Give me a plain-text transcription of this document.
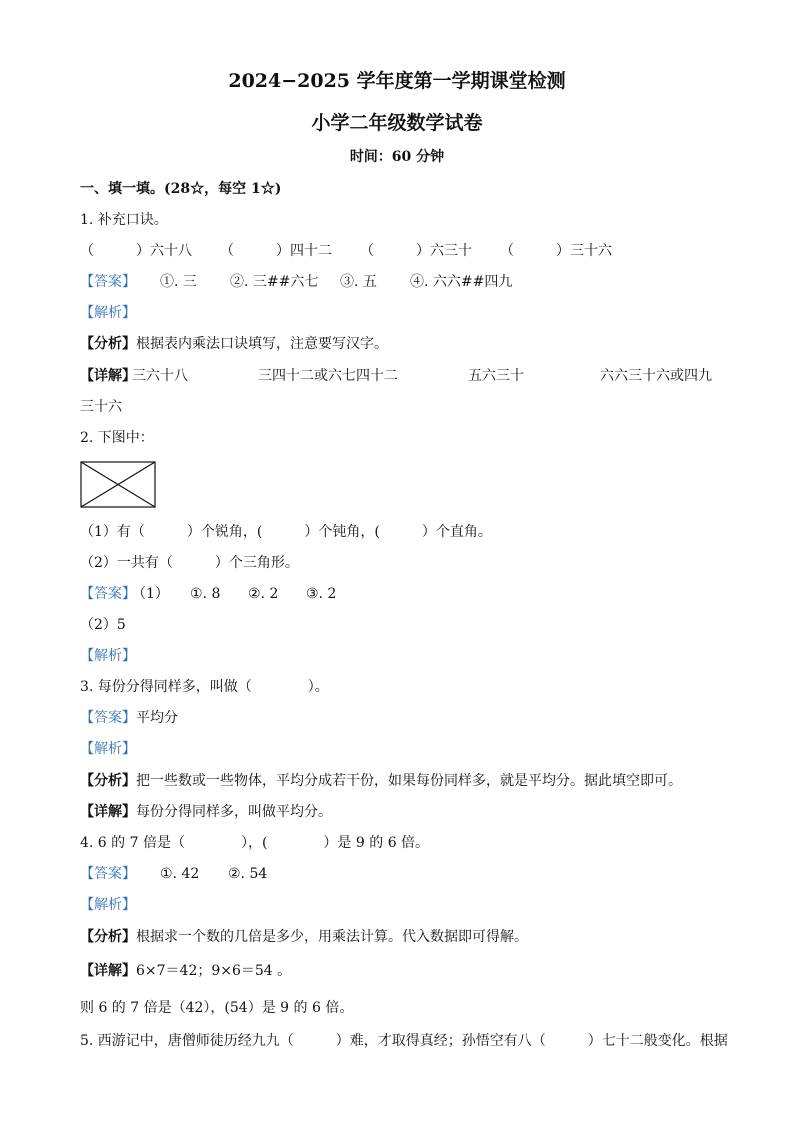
2024−2025 学年度第一学期课堂检测
小学二年级数学试卷
时间：60 分钟
一、填一填。(28☆，每空 1☆)
1. 补充口诀。
（　　　）六十八 （　　　）四十二 （　　　）六三十 （　　　）三十六
【答案】 ①. 三 ②. 三##六七 ③. 五 ④. 六六##四九
【解析】
【分析】根据表内乘法口诀填写，注意要写汉字。
【详解】
三六十八	三四十二或六七四十二	五六三十	六六三十六或四九
三十六
2. 下图中：
（1）有（　　　）个锐角，(　　　）个钝角，(　　　）个直角。
（2）一共有（　　　）个三角形。
【答案】
（1） ①. 8 ②. 2 ③. 2
（2）5
【解析】
3. 每份分得同样多，叫做（　　　　）。
【答案】平均分
【解析】
【分析】把一些数或一些物体，平均分成若干份，如果每份同样多，就是平均分。据此填空即可。
【详解】每份分得同样多，叫做平均分。
4. 6 的 7 倍是（　　　　），(　　　　）是 9 的 6 倍。
【答案】 ①. 42 ②. 54
【解析】
【分析】根据求一个数的几倍是多少，用乘法计算。代入数据即可得解。
【详解】6×7＝42；9×6＝54 。
则 6 的 7 倍是（42），(54）是 9 的 6 倍。
5. 西游记中，唐僧师徒历经九九（　　　）难，才取得真经；孙悟空有八（　　　）七十二般变化。根据
